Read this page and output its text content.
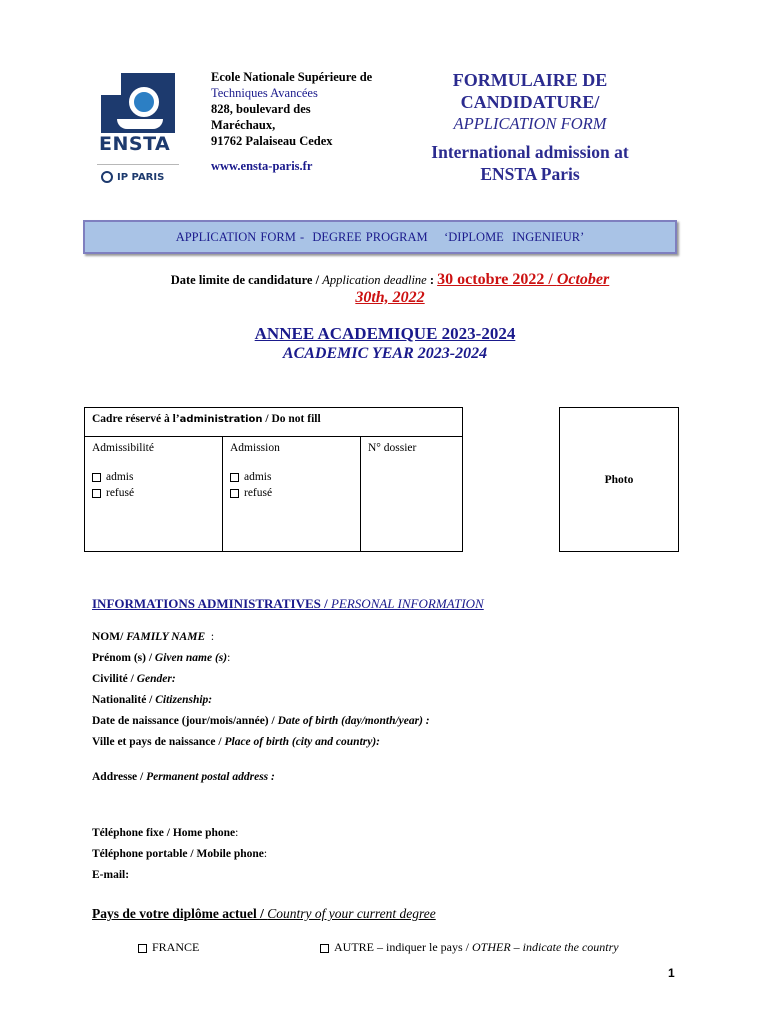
ENSTA
IP PARIS
Ecole Nationale Supérieure de
Techniques Avancées
828, boulevard des
Maréchaux,
91762 Palaiseau Cedex
www.ensta-paris.fr
FORMULAIRE DE
CANDIDATURE/
APPLICATION FORM
International admission at
ENSTA Paris
APPLICATION FORM -  DEGREE PROGRAM    ‘DIPLOME  INGENIEUR’
Date limite de candidature / Application deadline : 30 octobre 2022 / October
30th, 2022
ANNEE ACADEMIQUE 2023-2024
ACADEMIC YEAR 2023-2024
Cadre réservé à l’administration / Do not fill

Admissibilité
admis
refusé

Admission
admis
refusé

N° dossier
Photo
INFORMATIONS ADMINISTRATIVES / PERSONAL INFORMATION
NOM/ FAMILY NAME  :
Prénom (s) / Given name (s):
Civilité / Gender:
Nationalité / Citizenship:
Date de naissance (jour/mois/année) / Date of birth (day/month/year) :
Ville et pays de naissance / Place of birth (city and country):
Addresse / Permanent postal address :
Téléphone fixe / Home phone:
Téléphone portable / Mobile phone:
E-mail:
Pays de votre diplôme actuel / Country of your current degree
FRANCE	AUTRE – indiquer le pays / OTHER – indicate the country
1
